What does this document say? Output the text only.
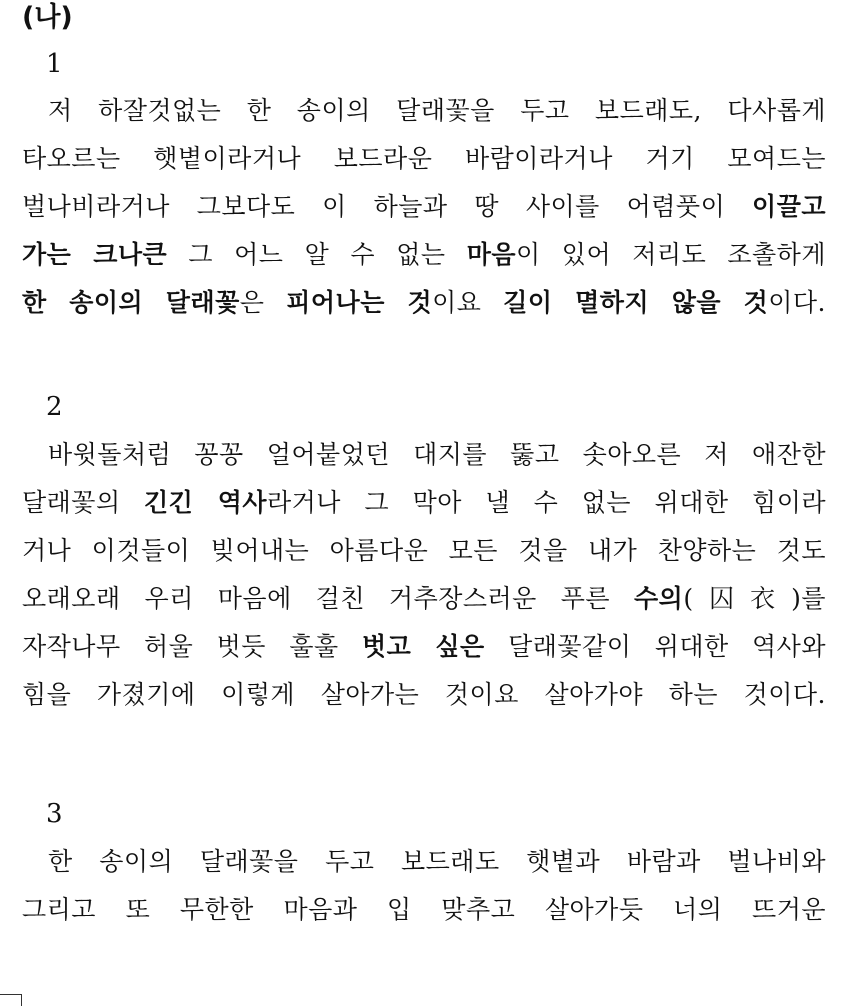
(나)
1

저 하잘것없는 한 송이의 달래꽃을 두고 보드래도, 다사롭게

타오르는 햇볕이라거나 보드라운 바람이라거나 거기 모여드는

벌나비라거나 그보다도 이 하늘과 땅 사이를 어렴풋이 이끌고

가는 크나큰 그 어느 알 수 없는 마음이 있어 저리도 조촐하게

한 송이의 달래꽃은 피어나는 것이요 길이 멸하지 않을 것이다.

2

바윗돌처럼 꽁꽁 얼어붙었던 대지를 뚫고 솟아오른 저 애잔한

달래꽃의 긴긴 역사라거나 그 막아 낼 수 없는 위대한 힘이라

거나 이것들이 빚어내는 아름다운 모든 것을 내가 찬양하는 것도

오래오래 우리 마음에 걸친 거추장스러운 푸른 수의(囚衣)를

자작나무 허울 벗듯 훌훌 벗고 싶은 달래꽃같이 위대한 역사와

힘을 가졌기에 이렇게 살아가는 것이요 살아가야 하는 것이다.

3

한 송이의 달래꽃을 두고 보드래도 햇볕과 바람과 벌나비와

그리고 또 무한한 마음과 입 맞추고 살아가듯 너의 뜨거운
